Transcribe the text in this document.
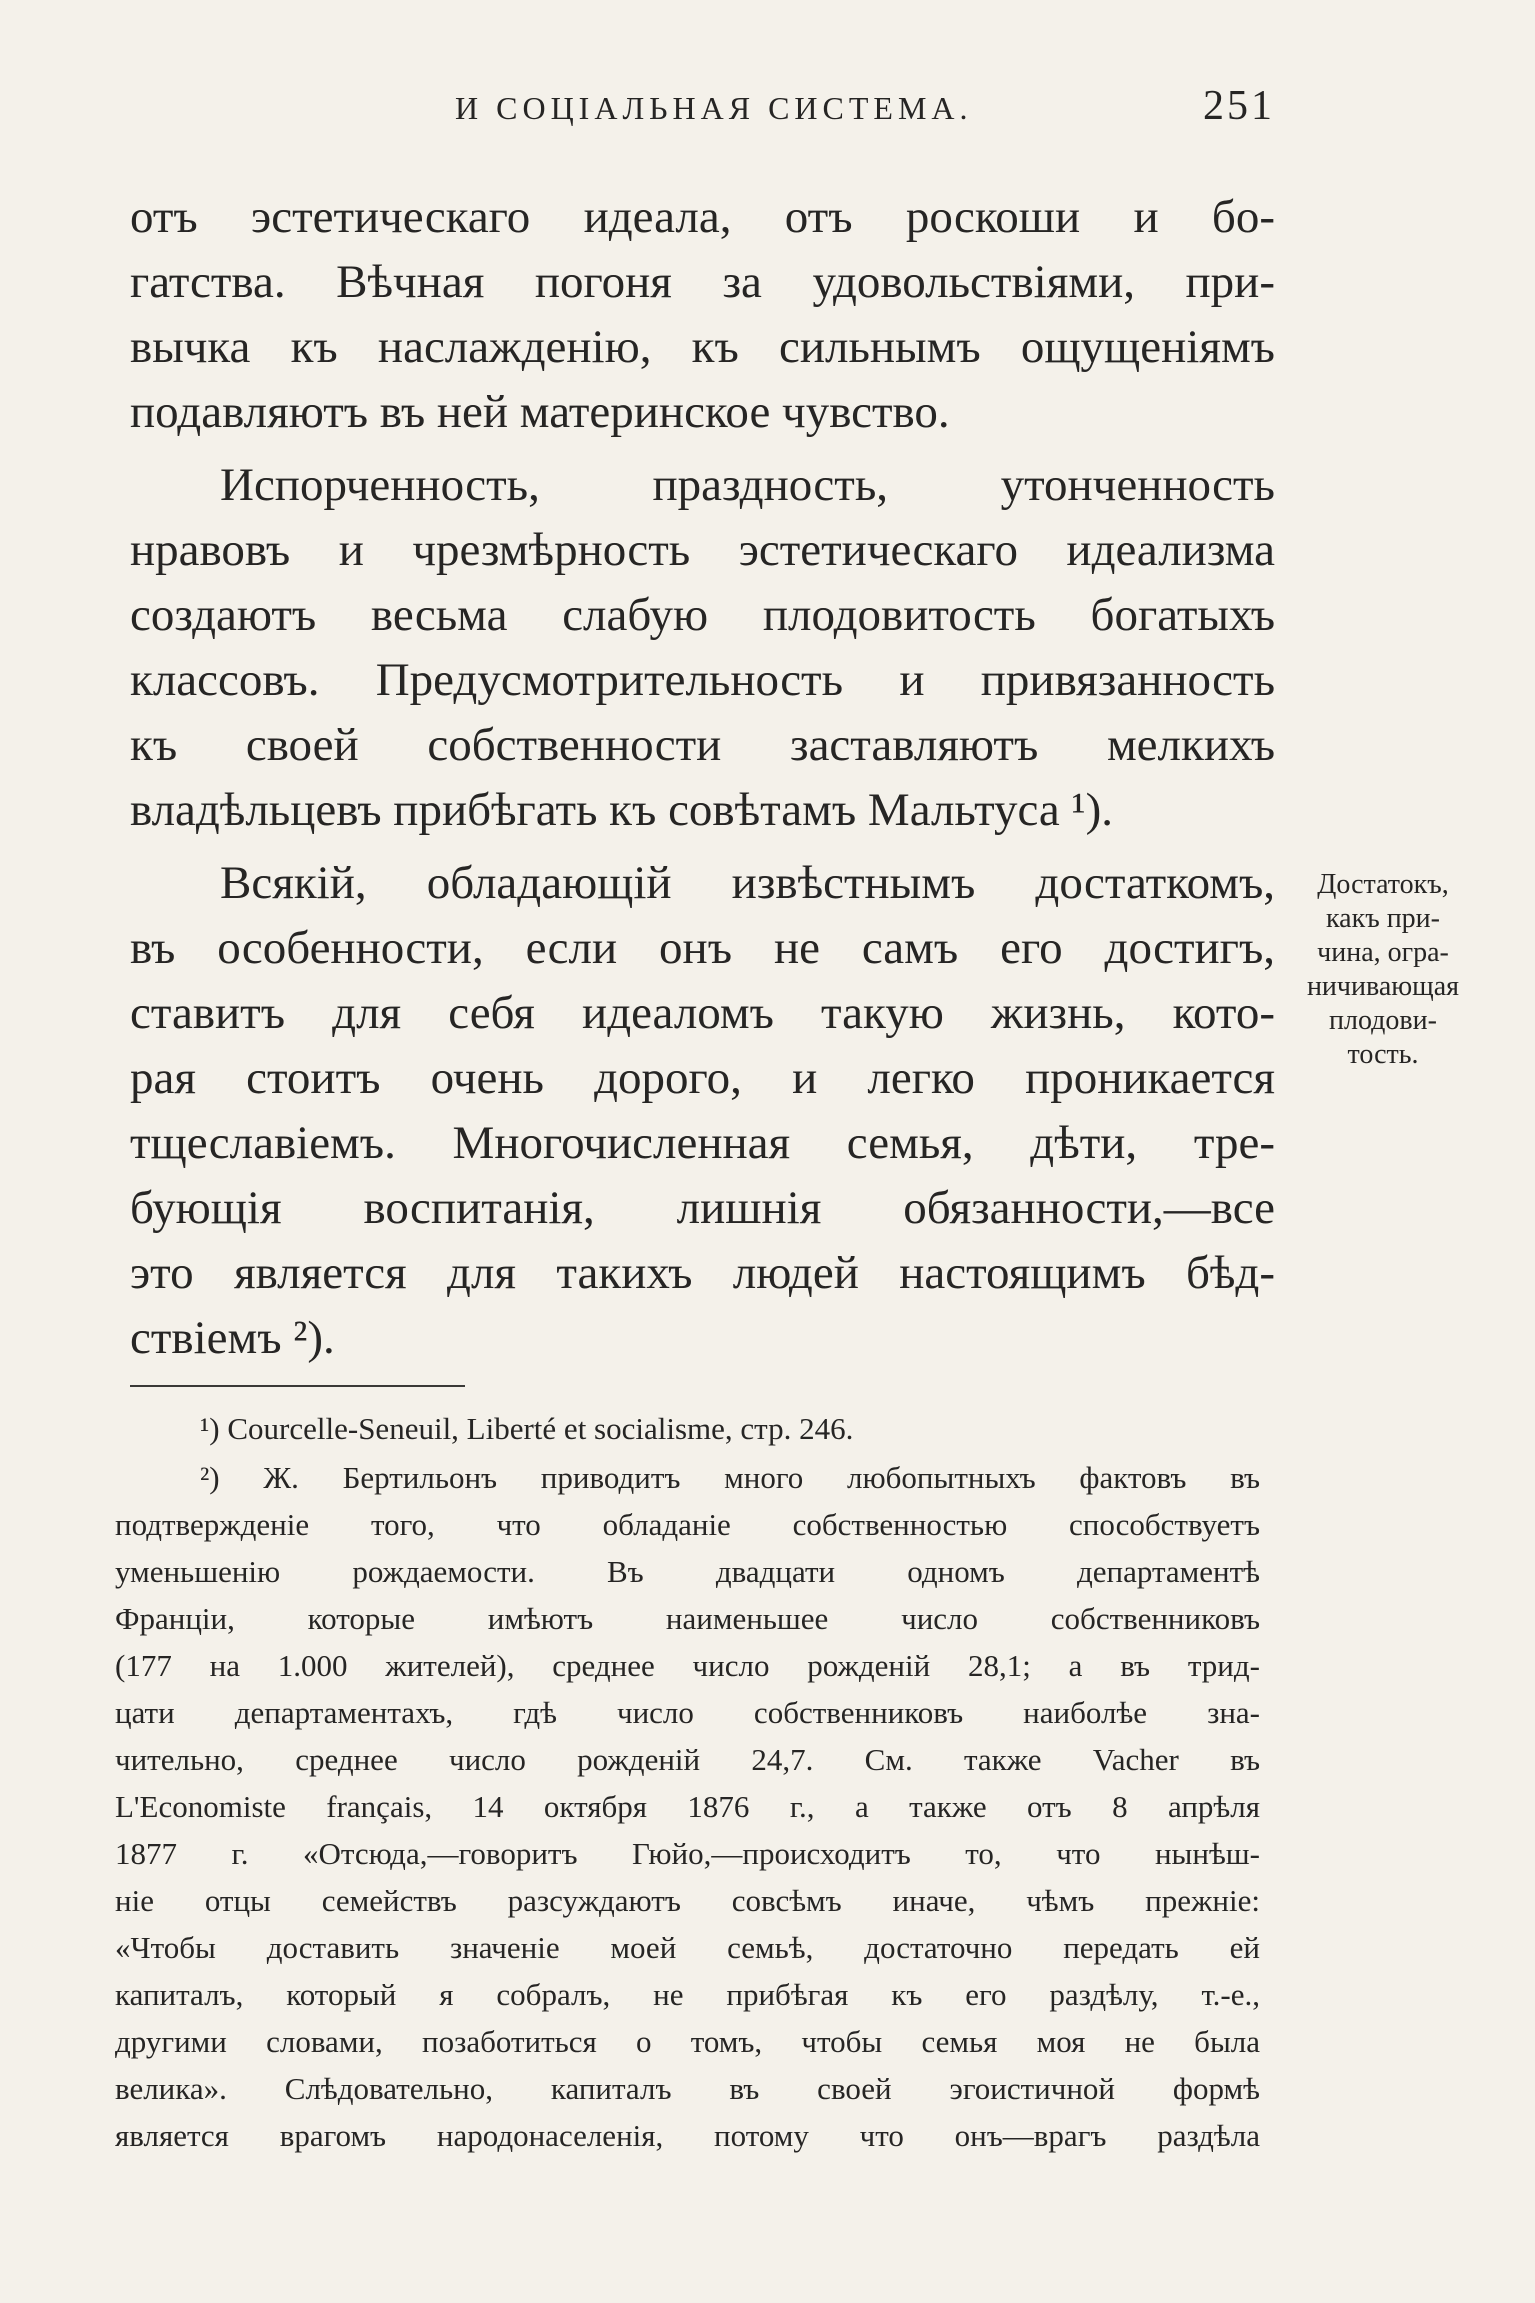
И СОЦІАЛЬНАЯ СИСТЕМА.	251
отъ эстетическаго идеала, отъ роскоши и бо-
гатства. Вѣчная погоня за удовольствіями, при-
вычка къ наслажденію, къ сильнымъ ощущеніямъ
подавляютъ въ ней материнское чувство.
Испорченность, праздность, утонченность
нравовъ и чрезмѣрность эстетическаго идеализма
создаютъ весьма слабую плодовитость богатыхъ
классовъ. Предусмотрительность и привязанность
къ своей собственности заставляютъ мелкихъ
владѣльцевъ прибѣгать къ совѣтамъ Мальтуса ¹).
Всякій, обладающій извѣстнымъ достаткомъ,
въ особенности, если онъ не самъ его достигъ,
ставитъ для себя идеаломъ такую жизнь, кото-
рая стоитъ очень дорого, и легко проникается
тщеславіемъ. Многочисленная семья, дѣти, тре-
бующія воспитанія, лишнія обязанности,—все
это является для такихъ людей настоящимъ бѣд-
ствіемъ ²).
Достатокъ,
какъ при-
чина, огра-
ничивающая
плодови-
тость.
¹) Courcelle-Seneuil, Liberté et socialisme, стр. 246.
²) Ж. Бертильонъ приводитъ много любопытныхъ фактовъ въ
подтвержденіе того, что обладаніе собственностью способствуетъ
уменьшенію рождаемости. Въ двадцати одномъ департаментѣ
Франціи, которые имѣютъ наименьшее число собственниковъ
(177 на 1.000 жителей), среднее число рожденій 28,1; а въ трид-
цати департаментахъ, гдѣ число собственниковъ наиболѣе зна-
чительно, среднее число рожденій 24,7. См. также Vacher въ
L'Economiste français, 14 октября 1876 г., а также отъ 8 апрѣля
1877 г. «Отсюда,—говоритъ Гюйо,—происходитъ то, что нынѣш-
ніе отцы семействъ разсуждаютъ совсѣмъ иначе, чѣмъ прежніе:
«Чтобы доставить значеніе моей семьѣ, достаточно передать ей
капиталъ, который я собралъ, не прибѣгая къ его раздѣлу, т.-е.,
другими словами, позаботиться о томъ, чтобы семья моя не была
велика». Слѣдовательно, капиталъ въ своей эгоистичной формѣ
является врагомъ народонаселенія, потому что онъ—врагъ раздѣла
